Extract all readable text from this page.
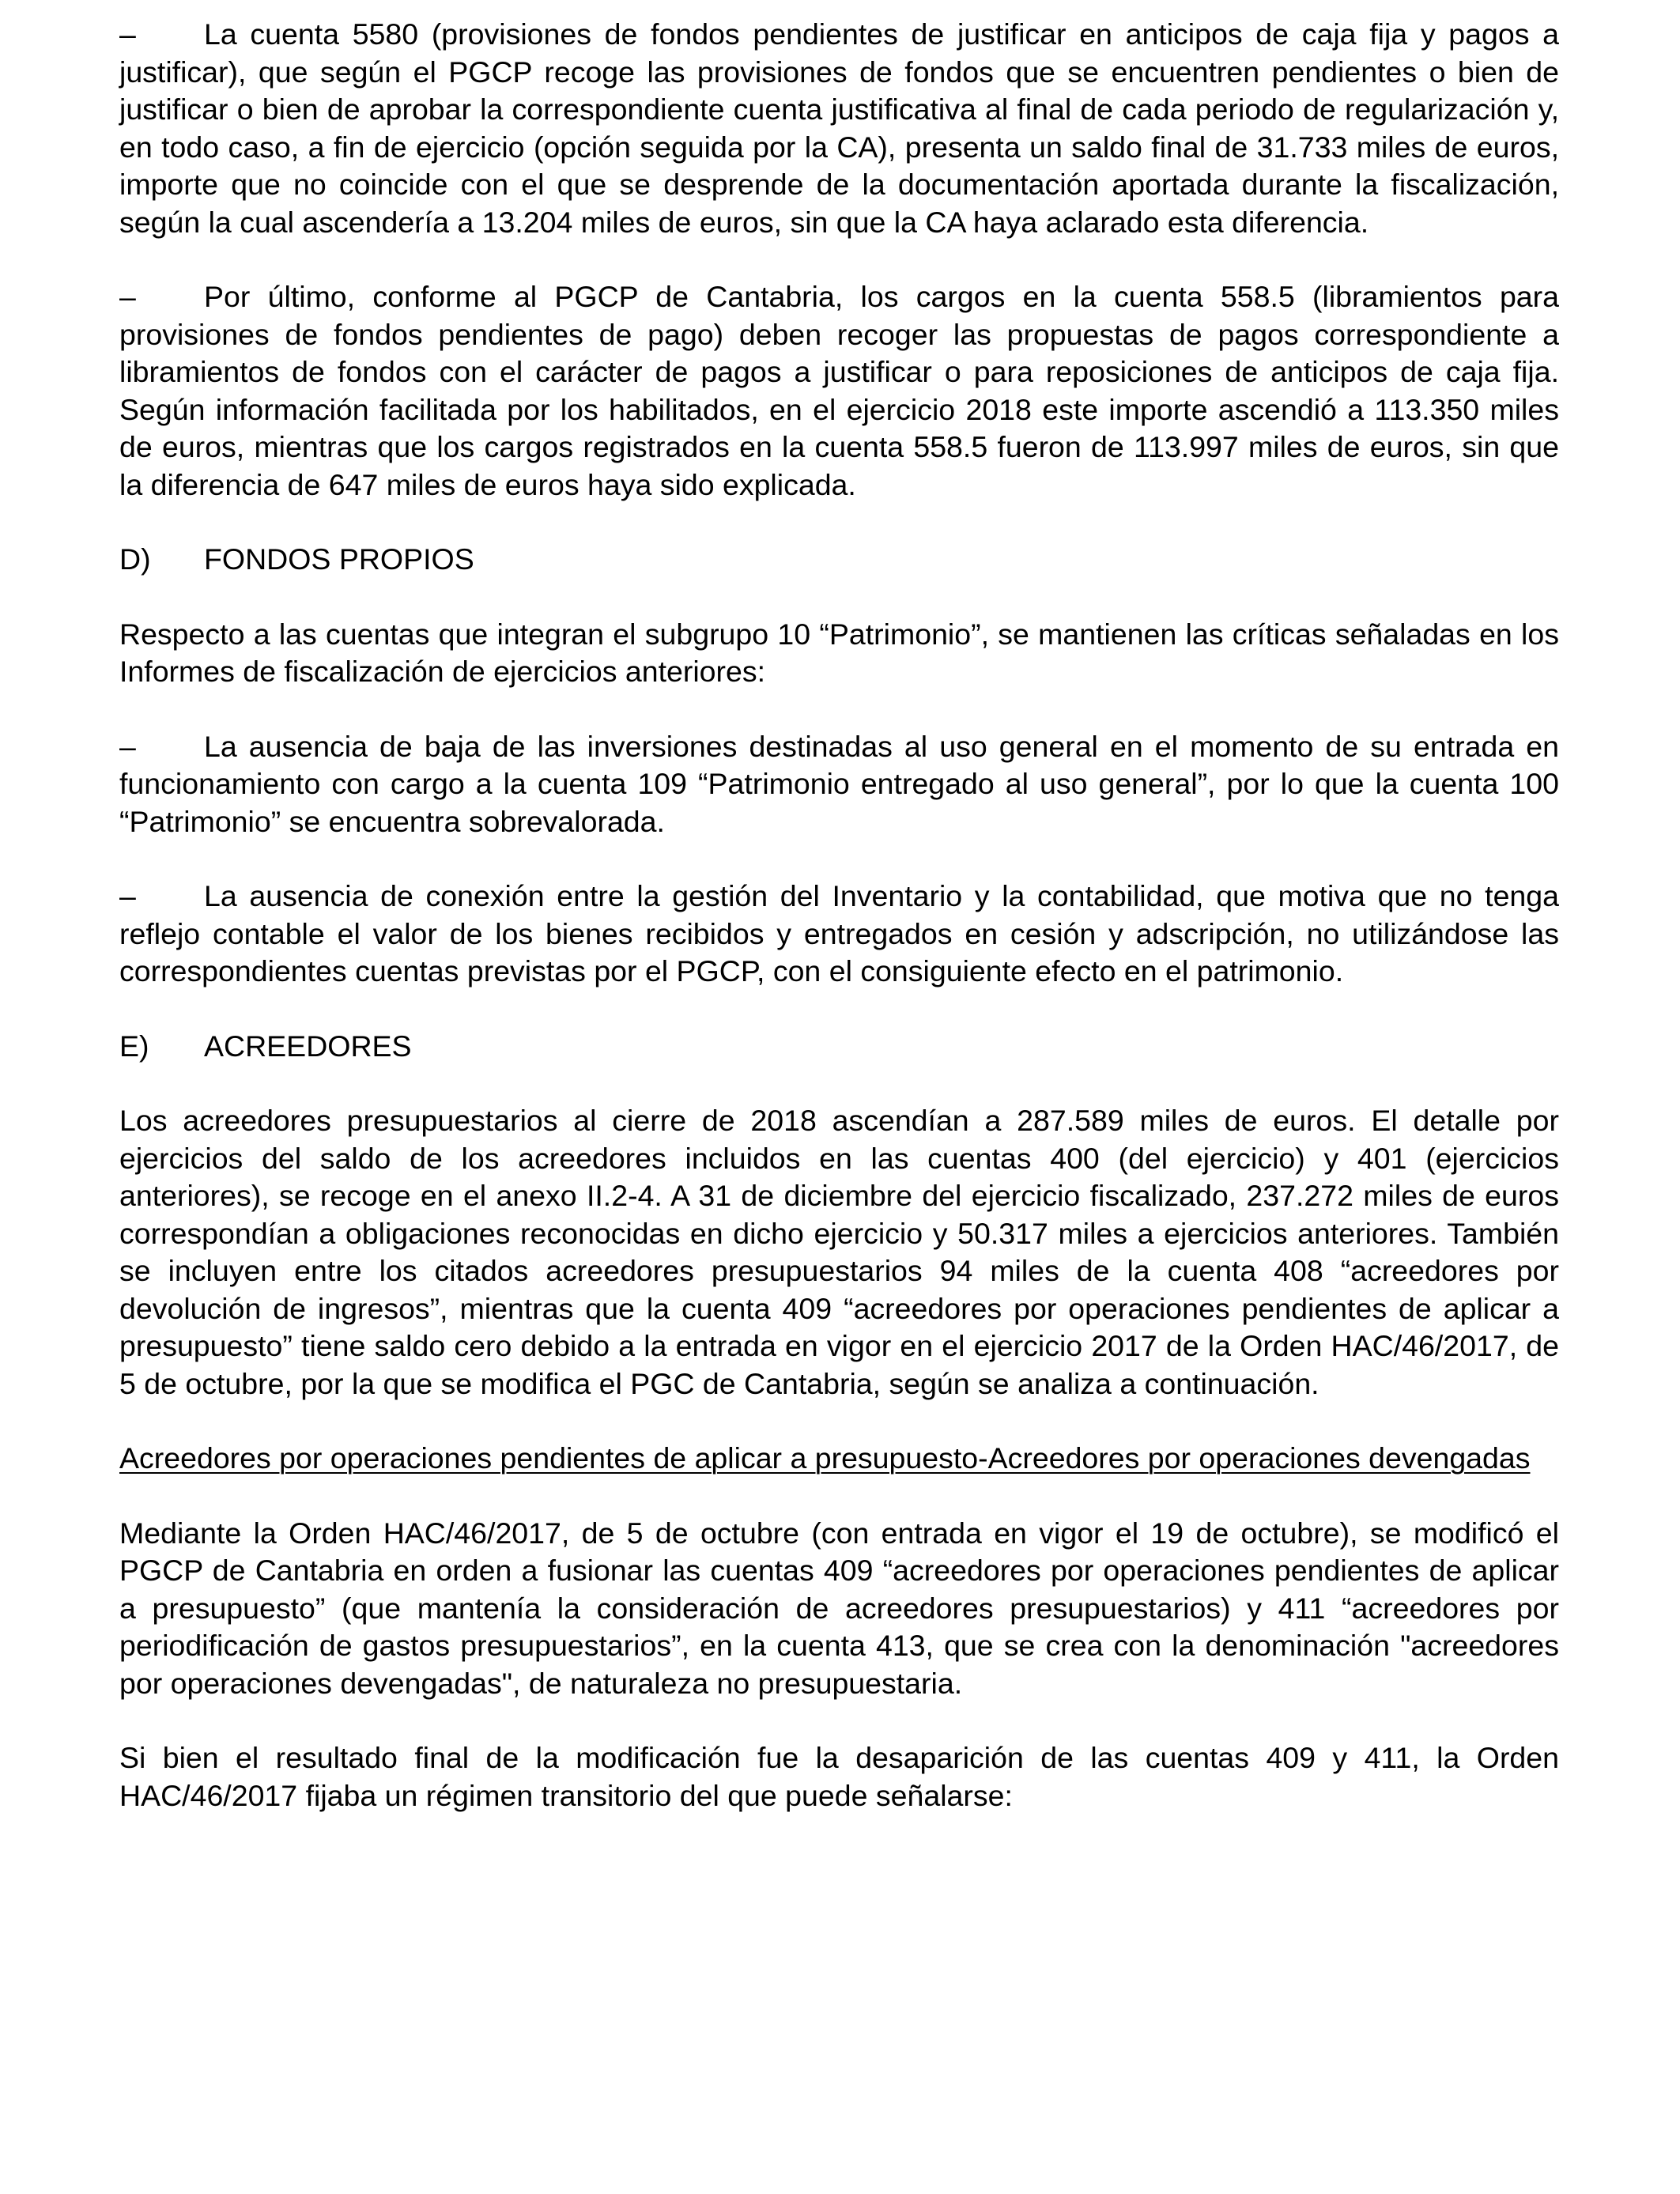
– La cuenta 5580 (provisiones de fondos pendientes de justificar en anticipos de caja fija y pagos a justificar), que según el PGCP recoge las provisiones de fondos que se encuentren pendientes o bien de justificar o bien de aprobar la correspondiente cuenta justificativa al final de cada periodo de regularización y, en todo caso, a fin de ejercicio (opción seguida por la CA), presenta un saldo final de 31.733 miles de euros, importe que no coincide con el que se desprende de la documentación aportada durante la fiscalización, según la cual ascendería a 13.204 miles de euros, sin que la CA haya aclarado esta diferencia.

– Por último, conforme al PGCP de Cantabria, los cargos en la cuenta 558.5 (libramientos para provisiones de fondos pendientes de pago) deben recoger las propuestas de pagos correspondiente a libramientos de fondos con el carácter de pagos a justificar o para reposiciones de anticipos de caja fija. Según información facilitada por los habilitados, en el ejercicio 2018 este importe ascendió a 113.350 miles de euros, mientras que los cargos registrados en la cuenta 558.5 fueron de 113.997 miles de euros, sin que la diferencia de 647 miles de euros haya sido explicada.

D) FONDOS PROPIOS

Respecto a las cuentas que integran el subgrupo 10 “Patrimonio”, se mantienen las críticas señaladas en los Informes de fiscalización de ejercicios anteriores:

– La ausencia de baja de las inversiones destinadas al uso general en el momento de su entrada en funcionamiento con cargo a la cuenta 109 “Patrimonio entregado al uso general”, por lo que la cuenta 100 “Patrimonio” se encuentra sobrevalorada.

– La ausencia de conexión entre la gestión del Inventario y la contabilidad, que motiva que no tenga reflejo contable el valor de los bienes recibidos y entregados en cesión y adscripción, no utilizándose las correspondientes cuentas previstas por el PGCP, con el consiguiente efecto en el patrimonio.

E) ACREEDORES

Los acreedores presupuestarios al cierre de 2018 ascendían a 287.589 miles de euros. El detalle por ejercicios del saldo de los acreedores incluidos en las cuentas 400 (del ejercicio) y 401 (ejercicios anteriores), se recoge en el anexo II.2-4. A 31 de diciembre del ejercicio fiscalizado, 237.272 miles de euros correspondían a obligaciones reconocidas en dicho ejercicio y 50.317 miles a ejercicios anteriores. También se incluyen entre los citados acreedores presupuestarios 94 miles de la cuenta 408 “acreedores por devolución de ingresos”, mientras que la cuenta 409 “acreedores por operaciones pendientes de aplicar a presupuesto” tiene saldo cero debido a la entrada en vigor en el ejercicio 2017 de la Orden HAC/46/2017, de 5 de octubre, por la que se modifica el PGC de Cantabria, según se analiza a continuación.

Acreedores por operaciones pendientes de aplicar a presupuesto-Acreedores por operaciones devengadas

Mediante la Orden HAC/46/2017, de 5 de octubre (con entrada en vigor el 19 de octubre), se modificó el PGCP de Cantabria en orden a fusionar las cuentas 409 “acreedores por operaciones pendientes de aplicar a presupuesto” (que mantenía la consideración de acreedores presupuestarios) y 411 “acreedores por periodificación de gastos presupuestarios”, en la cuenta 413, que se crea con la denominación "acreedores por operaciones devengadas", de naturaleza no presupuestaria.

Si bien el resultado final de la modificación fue la desaparición de las cuentas 409 y 411, la Orden HAC/46/2017 fijaba un régimen transitorio del que puede señalarse:
